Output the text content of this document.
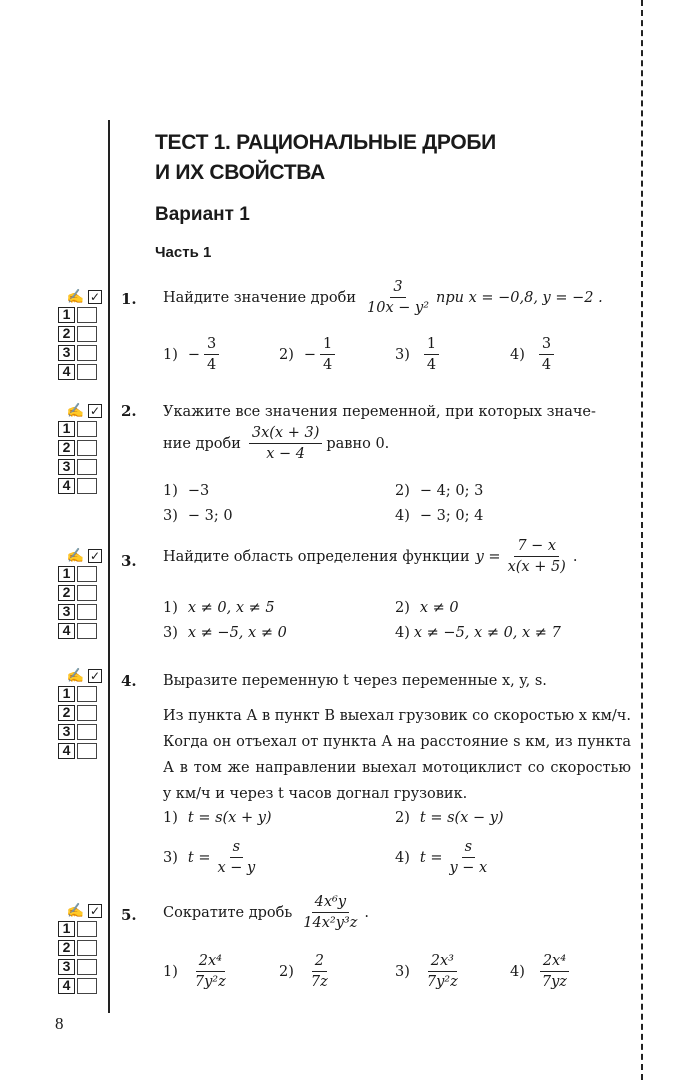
ТЕСТ 1. РАЦИОНАЛЬНЫЕ ДРОБИ
И ИХ СВОЙСТВА
Вариант 1
Часть 1
✍ ✓
1
2
3
4
✍ ✓
1
2
3
4
✍ ✓
1
2
3
4
✍ ✓
1
2
3
4
✍ ✓
1
2
3
4
1. Найдите значение дроби $\frac{3}{\text{10x − y²}}$ при x = −0,8, y = −2 .
$1) - \frac{3}{4}$	$2) - \frac{1}{4}$	$3) \frac{1}{4}$	$4) \frac{3}{4}$
2. Укажите все значения переменной, при которых значе-
ние дроби $\frac{3x(x + 3)}{x - 4}$ равно 0.
1) −3	2) − 4; 0; 3
3) − 3; 0	4) − 3; 0; 4
3. Найдите область определения функции $y = \frac{7 - x}{x(x + 5)}$ .
1) x ≠ 0, x ≠ 5	2) x ≠ 0
3) x ≠ −5, x ≠ 0	4) x ≠ −5, x ≠ 0, x ≠ 7
4. Выразите переменную t через переменные x, y, s.
Из пункта А в пункт В выехал грузовик со скоростью x км/ч. Когда он отъехал от пункта А на расстояние s км, из пункта А в том же направлении выехал мотоциклист со скоростью y км/ч и через t часов догнал грузовик.
1) t = s(x + y)	2) t = s(x − y)
3) $t = \frac{s}{x - y}$	4) $t = \frac{s}{y - x}$
5. Сократите дробь $\frac{\text{4x⁶y}}{\text{14x²y³z}}$ .
$1) \frac{\text{2x⁴}}{\text{7y²z}}$	$2) \frac{2}{7z}$	$3) \frac{\text{2x³}}{\text{7y²z}}$	$4) \frac{\text{2x⁴}}{7yz}$
8
